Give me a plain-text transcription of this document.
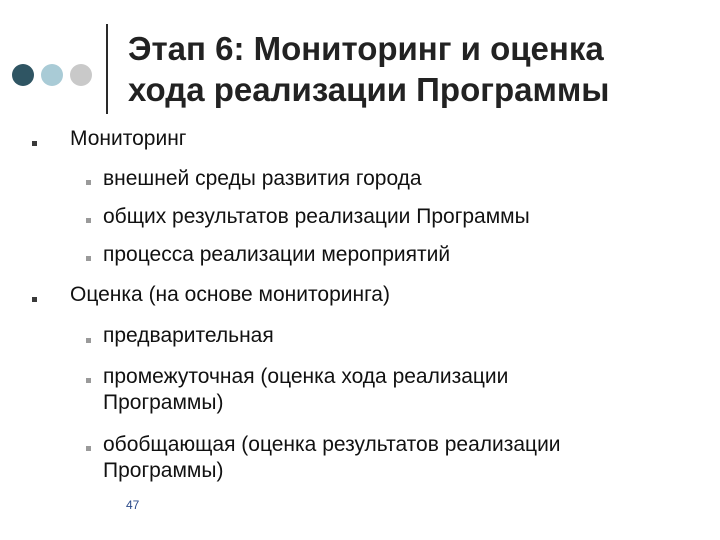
Этап 6: Мониторинг и оценка хода реализации Программы
Мониторинг
внешней среды развития города
общих результатов реализации Программы
процесса реализации мероприятий
Оценка (на основе мониторинга)
предварительная
промежуточная (оценка хода реализации Программы)
обобщающая (оценка результатов реализации Программы)
47
